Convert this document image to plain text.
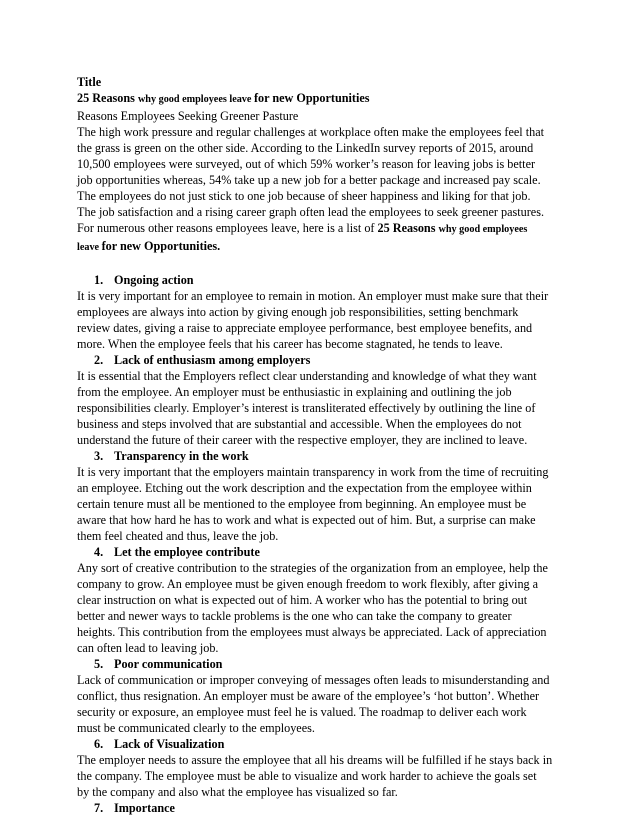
Title
25 Reasons why good employees leave for new Opportunities
Reasons Employees Seeking Greener Pasture
The high work pressure and regular challenges at workplace often make the employees feel that
the grass is green on the other side. According to the LinkedIn survey reports of 2015, around
10,500 employees were surveyed, out of which 59% worker’s reason for leaving jobs is better
job opportunities whereas, 54% take up a new job for a better package and increased pay scale.
The employees do not just stick to one job because of sheer happiness and liking for that job.
The job satisfaction and a rising career graph often lead the employees to seek greener pastures.
For numerous other reasons employees leave, here is a list of 25 Reasons why good employees
leave for new Opportunities.
1. Ongoing action
It is very important for an employee to remain in motion. An employer must make sure that their
employees are always into action by giving enough job responsibilities, setting benchmark
review dates, giving a raise to appreciate employee performance, best employee benefits, and
more. When the employee feels that his career has become stagnated, he tends to leave.
2. Lack of enthusiasm among employers
It is essential that the Employers reflect clear understanding and knowledge of what they want
from the employee. An employer must be enthusiastic in explaining and outlining the job
responsibilities clearly. Employer’s interest is transliterated effectively by outlining the line of
business and steps involved that are substantial and accessible. When the employees do not
understand the future of their career with the respective employer, they are inclined to leave.
3. Transparency in the work
It is very important that the employers maintain transparency in work from the time of recruiting
an employee. Etching out the work description and the expectation from the employee within
certain tenure must all be mentioned to the employee from beginning. An employee must be
aware that how hard he has to work and what is expected out of him. But, a surprise can make
them feel cheated and thus, leave the job.
4. Let the employee contribute
Any sort of creative contribution to the strategies of the organization from an employee, help the
company to grow. An employee must be given enough freedom to work flexibly, after giving a
clear instruction on what is expected out of him. A worker who has the potential to bring out
better and newer ways to tackle problems is the one who can take the company to greater
heights. This contribution from the employees must always be appreciated. Lack of appreciation
can often lead to leaving job.
5. Poor communication
Lack of communication or improper conveying of messages often leads to misunderstanding and
conflict, thus resignation. An employer must be aware of the employee’s ‘hot button’. Whether
security or exposure, an employee must feel he is valued. The roadmap to deliver each work
must be communicated clearly to the employees.
6. Lack of Visualization
The employer needs to assure the employee that all his dreams will be fulfilled if he stays back in
the company. The employee must be able to visualize and work harder to achieve the goals set
by the company and also what the employee has visualized so far.
7. Importance
